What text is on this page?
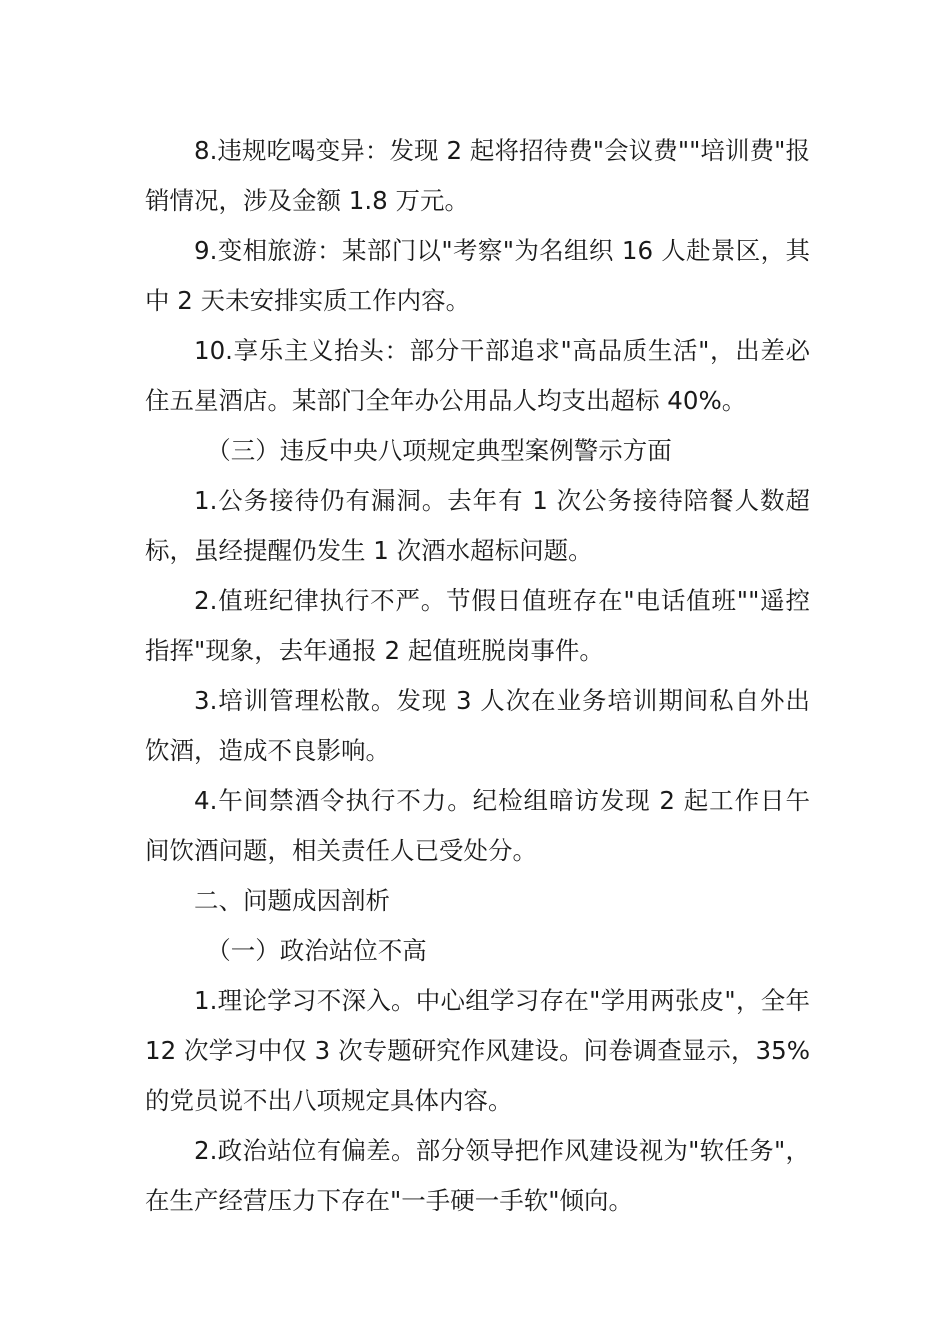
8.违规吃喝变异：发现 2 起将招待费"会议费""培训费"报销情况，涉及金额 1.8 万元。

9.变相旅游：某部门以"考察"为名组织 16 人赴景区，其中 2 天未安排实质工作内容。

10.享乐主义抬头：部分干部追求"高品质生活"，出差必住五星酒店。某部门全年办公用品人均支出超标 40%。

（三）违反中央八项规定典型案例警示方面

1.公务接待仍有漏洞。去年有 1 次公务接待陪餐人数超标，虽经提醒仍发生 1 次酒水超标问题。

2.值班纪律执行不严。节假日值班存在"电话值班""遥控指挥"现象，去年通报 2 起值班脱岗事件。

3.培训管理松散。发现 3 人次在业务培训期间私自外出饮酒，造成不良影响。

4.午间禁酒令执行不力。纪检组暗访发现 2 起工作日午间饮酒问题，相关责任人已受处分。

二、问题成因剖析

（一）政治站位不高

1.理论学习不深入。中心组学习存在"学用两张皮"，全年 12 次学习中仅 3 次专题研究作风建设。问卷调查显示，35%的党员说不出八项规定具体内容。

2.政治站位有偏差。部分领导把作风建设视为"软任务"，在生产经营压力下存在"一手硬一手软"倾向。
